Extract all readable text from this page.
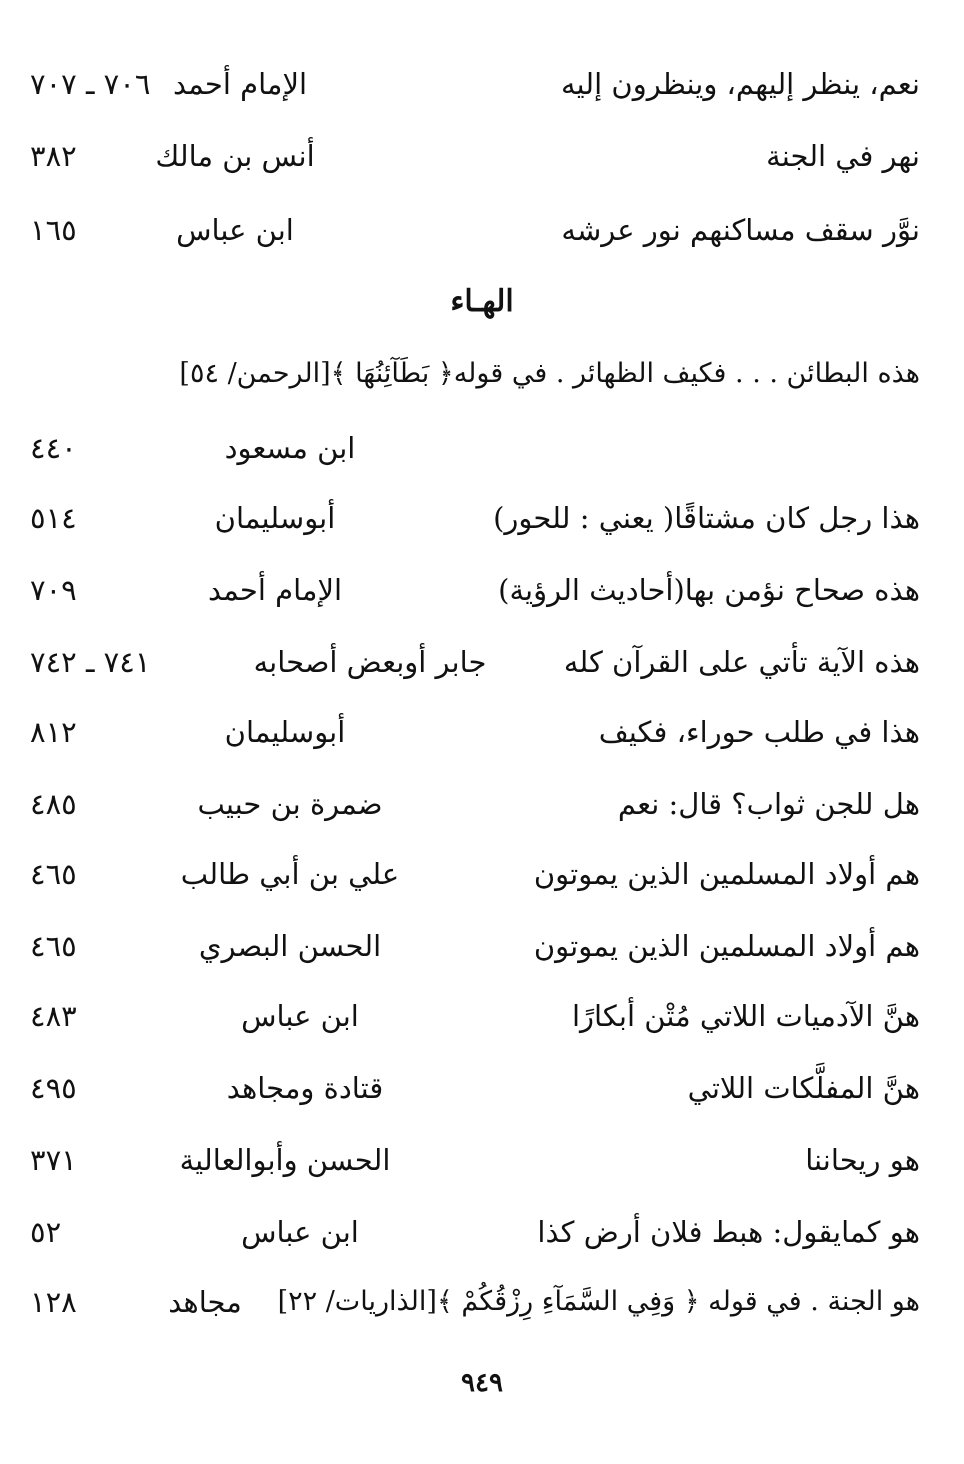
نعم، ينظر إليهم، وينظرون إليه
الإمام أحمد
٧٠٦ ـ ٧٠٧
نهر في الجنة
أنس بن مالك
٣٨٢
نوَّر سقف مساكنهم نور عرشه
ابن عباس
١٦٥
الهـاء
هذه البطائن . . . فكيف الظهائر . في قوله﴿ بَطَآئِنُهَا ﴾[الرحمن/ ٥٤]
ابن مسعود
٤٤٠
هذا رجل كان مشتاقًا( يعني : للحور)
أبوسليمان
٥١٤
هذه صحاح نؤمن بها(أحاديث الرؤية)
الإمام أحمد
٧٠٩
هذه الآية تأتي على القرآن كله
جابر أوبعض أصحابه
٧٤١ ـ ٧٤٢
هذا في طلب حوراء، فكيف
أبوسليمان
٨١٢
هل للجن ثواب؟ قال: نعم
ضمرة بن حبيب
٤٨٥
هم أولاد المسلمين الذين يموتون
علي بن أبي طالب
٤٦٥
هم أولاد المسلمين الذين يموتون
الحسن البصري
٤٦٥
هنَّ الآدميات اللاتي مُتْن أبكارًا
ابن عباس
٤٨٣
هنَّ المفلَّكات اللاتي
قتادة ومجاهد
٤٩٥
هو ريحاننا
الحسن وأبوالعالية
٣٧١
هو كمايقول: هبط فلان أرض كذا
ابن عباس
٥٢
هو الجنة . في قوله ﴿ وَفِي السَّمَآءِ رِزْقُكُمْ ﴾[الذاريات/ ٢٢]
مجاهد
١٢٨
٩٤٩
